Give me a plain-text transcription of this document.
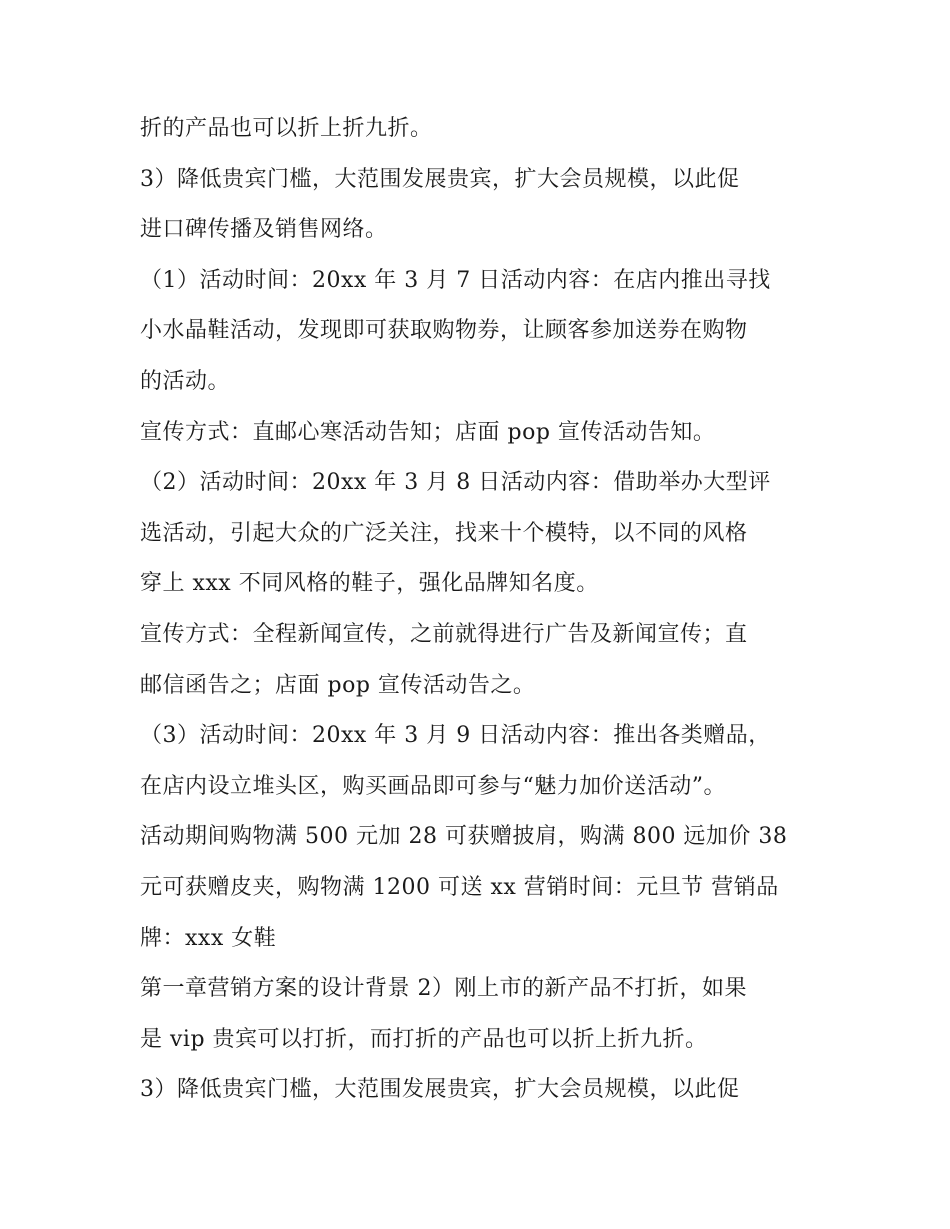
折的产品也可以折上折九折。
3）降低贵宾门槛，大范围发展贵宾，扩大会员规模，以此促
进口碑传播及销售网络。
（1）活动时间：20xx 年 3 月 7 日活动内容：在店内推出寻找
小水晶鞋活动，发现即可获取购物券，让顾客参加送券在购物
的活动。
宣传方式：直邮心寒活动告知；店面 pop 宣传活动告知。
（2）活动时间：20xx 年 3 月 8 日活动内容：借助举办大型评
选活动，引起大众的广泛关注，找来十个模特，以不同的风格
穿上 xxx 不同风格的鞋子，强化品牌知名度。
宣传方式：全程新闻宣传，之前就得进行广告及新闻宣传；直
邮信函告之；店面 pop 宣传活动告之。
（3）活动时间：20xx 年 3 月 9 日活动内容：推出各类赠品，
在店内设立堆头区，购买画品即可参与“魅力加价送活动”。
活动期间购物满 500 元加 28 可获赠披肩，购满 800 远加价 38
元可获赠皮夹，购物满 1200 可送 xx 营销时间：元旦节 营销品
牌：xxx 女鞋
第一章营销方案的设计背景 2）刚上市的新产品不打折，如果
是 vip 贵宾可以打折，而打折的产品也可以折上折九折。
3）降低贵宾门槛，大范围发展贵宾，扩大会员规模，以此促
